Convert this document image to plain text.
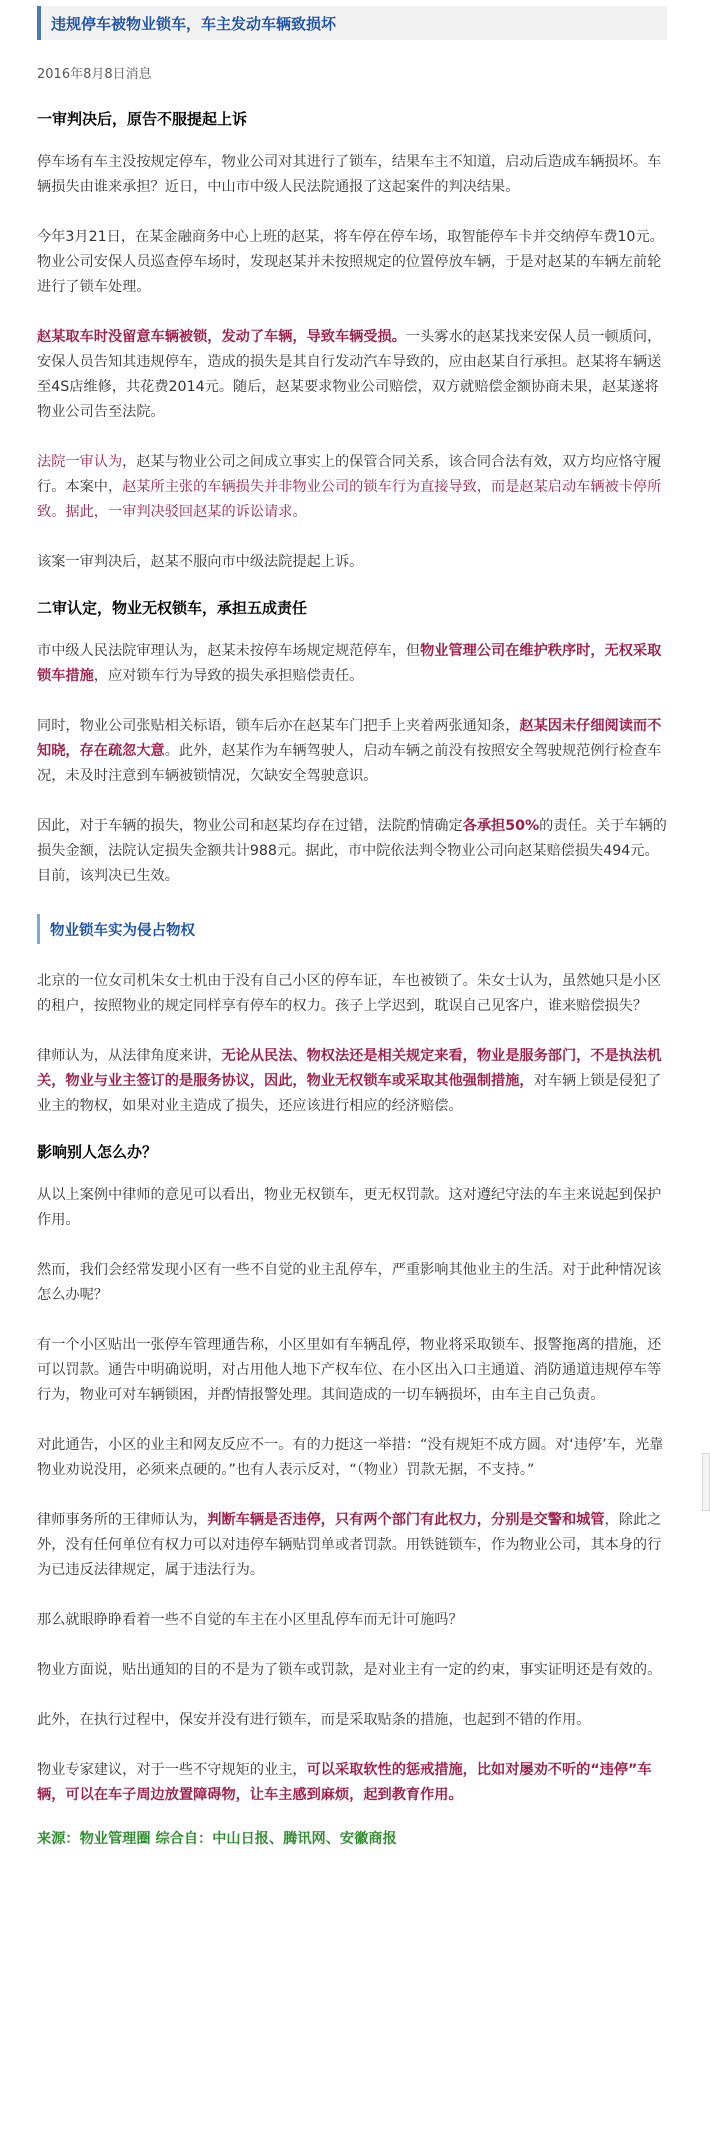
违规停车被物业锁车，车主发动车辆致损坏
2016年8月8日消息
一审判决后，原告不服提起上诉
停车场有车主没按规定停车，物业公司对其进行了锁车，结果车主不知道，启动后造成车辆损坏。车辆损失由谁来承担？近日，中山市中级人民法院通报了这起案件的判决结果。
今年3月21日，在某金融商务中心上班的赵某，将车停在停车场，取智能停车卡并交纳停车费10元。物业公司安保人员巡查停车场时，发现赵某并未按照规定的位置停放车辆，于是对赵某的车辆左前轮进行了锁车处理。
赵某取车时没留意车辆被锁，发动了车辆，导致车辆受损。一头雾水的赵某找来安保人员一顿质问，安保人员告知其违规停车，造成的损失是其自行发动汽车导致的，应由赵某自行承担。赵某将车辆送至4S店维修，共花费2014元。随后，赵某要求物业公司赔偿，双方就赔偿金额协商未果，赵某遂将物业公司告至法院。
法院一审认为，赵某与物业公司之间成立事实上的保管合同关系，该合同合法有效，双方均应恪守履行。本案中，赵某所主张的车辆损失并非物业公司的锁车行为直接导致，而是赵某启动车辆被卡停所致。据此，一审判决驳回赵某的诉讼请求。
该案一审判决后，赵某不服向市中级法院提起上诉。
二审认定，物业无权锁车，承担五成责任
市中级人民法院审理认为，赵某未按停车场规定规范停车，但物业管理公司在维护秩序时，无权采取锁车措施，应对锁车行为导致的损失承担赔偿责任。
同时，物业公司张贴相关标语，锁车后亦在赵某车门把手上夹着两张通知条，赵某因未仔细阅读而不知晓，存在疏忽大意。此外，赵某作为车辆驾驶人，启动车辆之前没有按照安全驾驶规范例行检查车况，未及时注意到车辆被锁情况，欠缺安全驾驶意识。
因此，对于车辆的损失，物业公司和赵某均存在过错，法院酌情确定各承担50%的责任。关于车辆的损失金额，法院认定损失金额共计988元。据此，市中院依法判令物业公司向赵某赔偿损失494元。目前，该判决已生效。
物业锁车实为侵占物权
北京的一位女司机朱女士机由于没有自己小区的停车证，车也被锁了。朱女士认为，虽然她只是小区的租户，按照物业的规定同样享有停车的权力。孩子上学迟到，耽误自己见客户，谁来赔偿损失？
律师认为，从法律角度来讲，无论从民法、物权法还是相关规定来看，物业是服务部门，不是执法机关，物业与业主签订的是服务协议，因此，物业无权锁车或采取其他强制措施，对车辆上锁是侵犯了业主的物权，如果对业主造成了损失，还应该进行相应的经济赔偿。
影响别人怎么办？
从以上案例中律师的意见可以看出，物业无权锁车，更无权罚款。这对遵纪守法的车主来说起到保护作用。
然而，我们会经常发现小区有一些不自觉的业主乱停车，严重影响其他业主的生活。对于此种情况该怎么办呢？
有一个小区贴出一张停车管理通告称，小区里如有车辆乱停，物业将采取锁车、报警拖离的措施，还可以罚款。通告中明确说明，对占用他人地下产权车位、在小区出入口主通道、消防通道违规停车等行为，物业可对车辆锁困，并酌情报警处理。其间造成的一切车辆损坏，由车主自己负责。
对此通告，小区的业主和网友反应不一。有的力挺这一举措：“没有规矩不成方圆。对‘违停’车，光靠物业劝说没用，必须来点硬的。”也有人表示反对，“（物业）罚款无据，不支持。”
律师事务所的王律师认为，判断车辆是否违停，只有两个部门有此权力，分别是交警和城管，除此之外，没有任何单位有权力可以对违停车辆贴罚单或者罚款。用铁链锁车，作为物业公司，其本身的行为已违反法律规定，属于违法行为。
那么就眼睁睁看着一些不自觉的车主在小区里乱停车而无计可施吗？
物业方面说，贴出通知的目的不是为了锁车或罚款，是对业主有一定的约束，事实证明还是有效的。
此外，在执行过程中，保安并没有进行锁车，而是采取贴条的措施，也起到不错的作用。
物业专家建议，对于一些不守规矩的业主，可以采取软性的惩戒措施，比如对屡劝不听的“违停”车辆，可以在车子周边放置障碍物，让车主感到麻烦，起到教育作用。
来源：物业管理圈 综合自：中山日报、腾讯网、安徽商报
